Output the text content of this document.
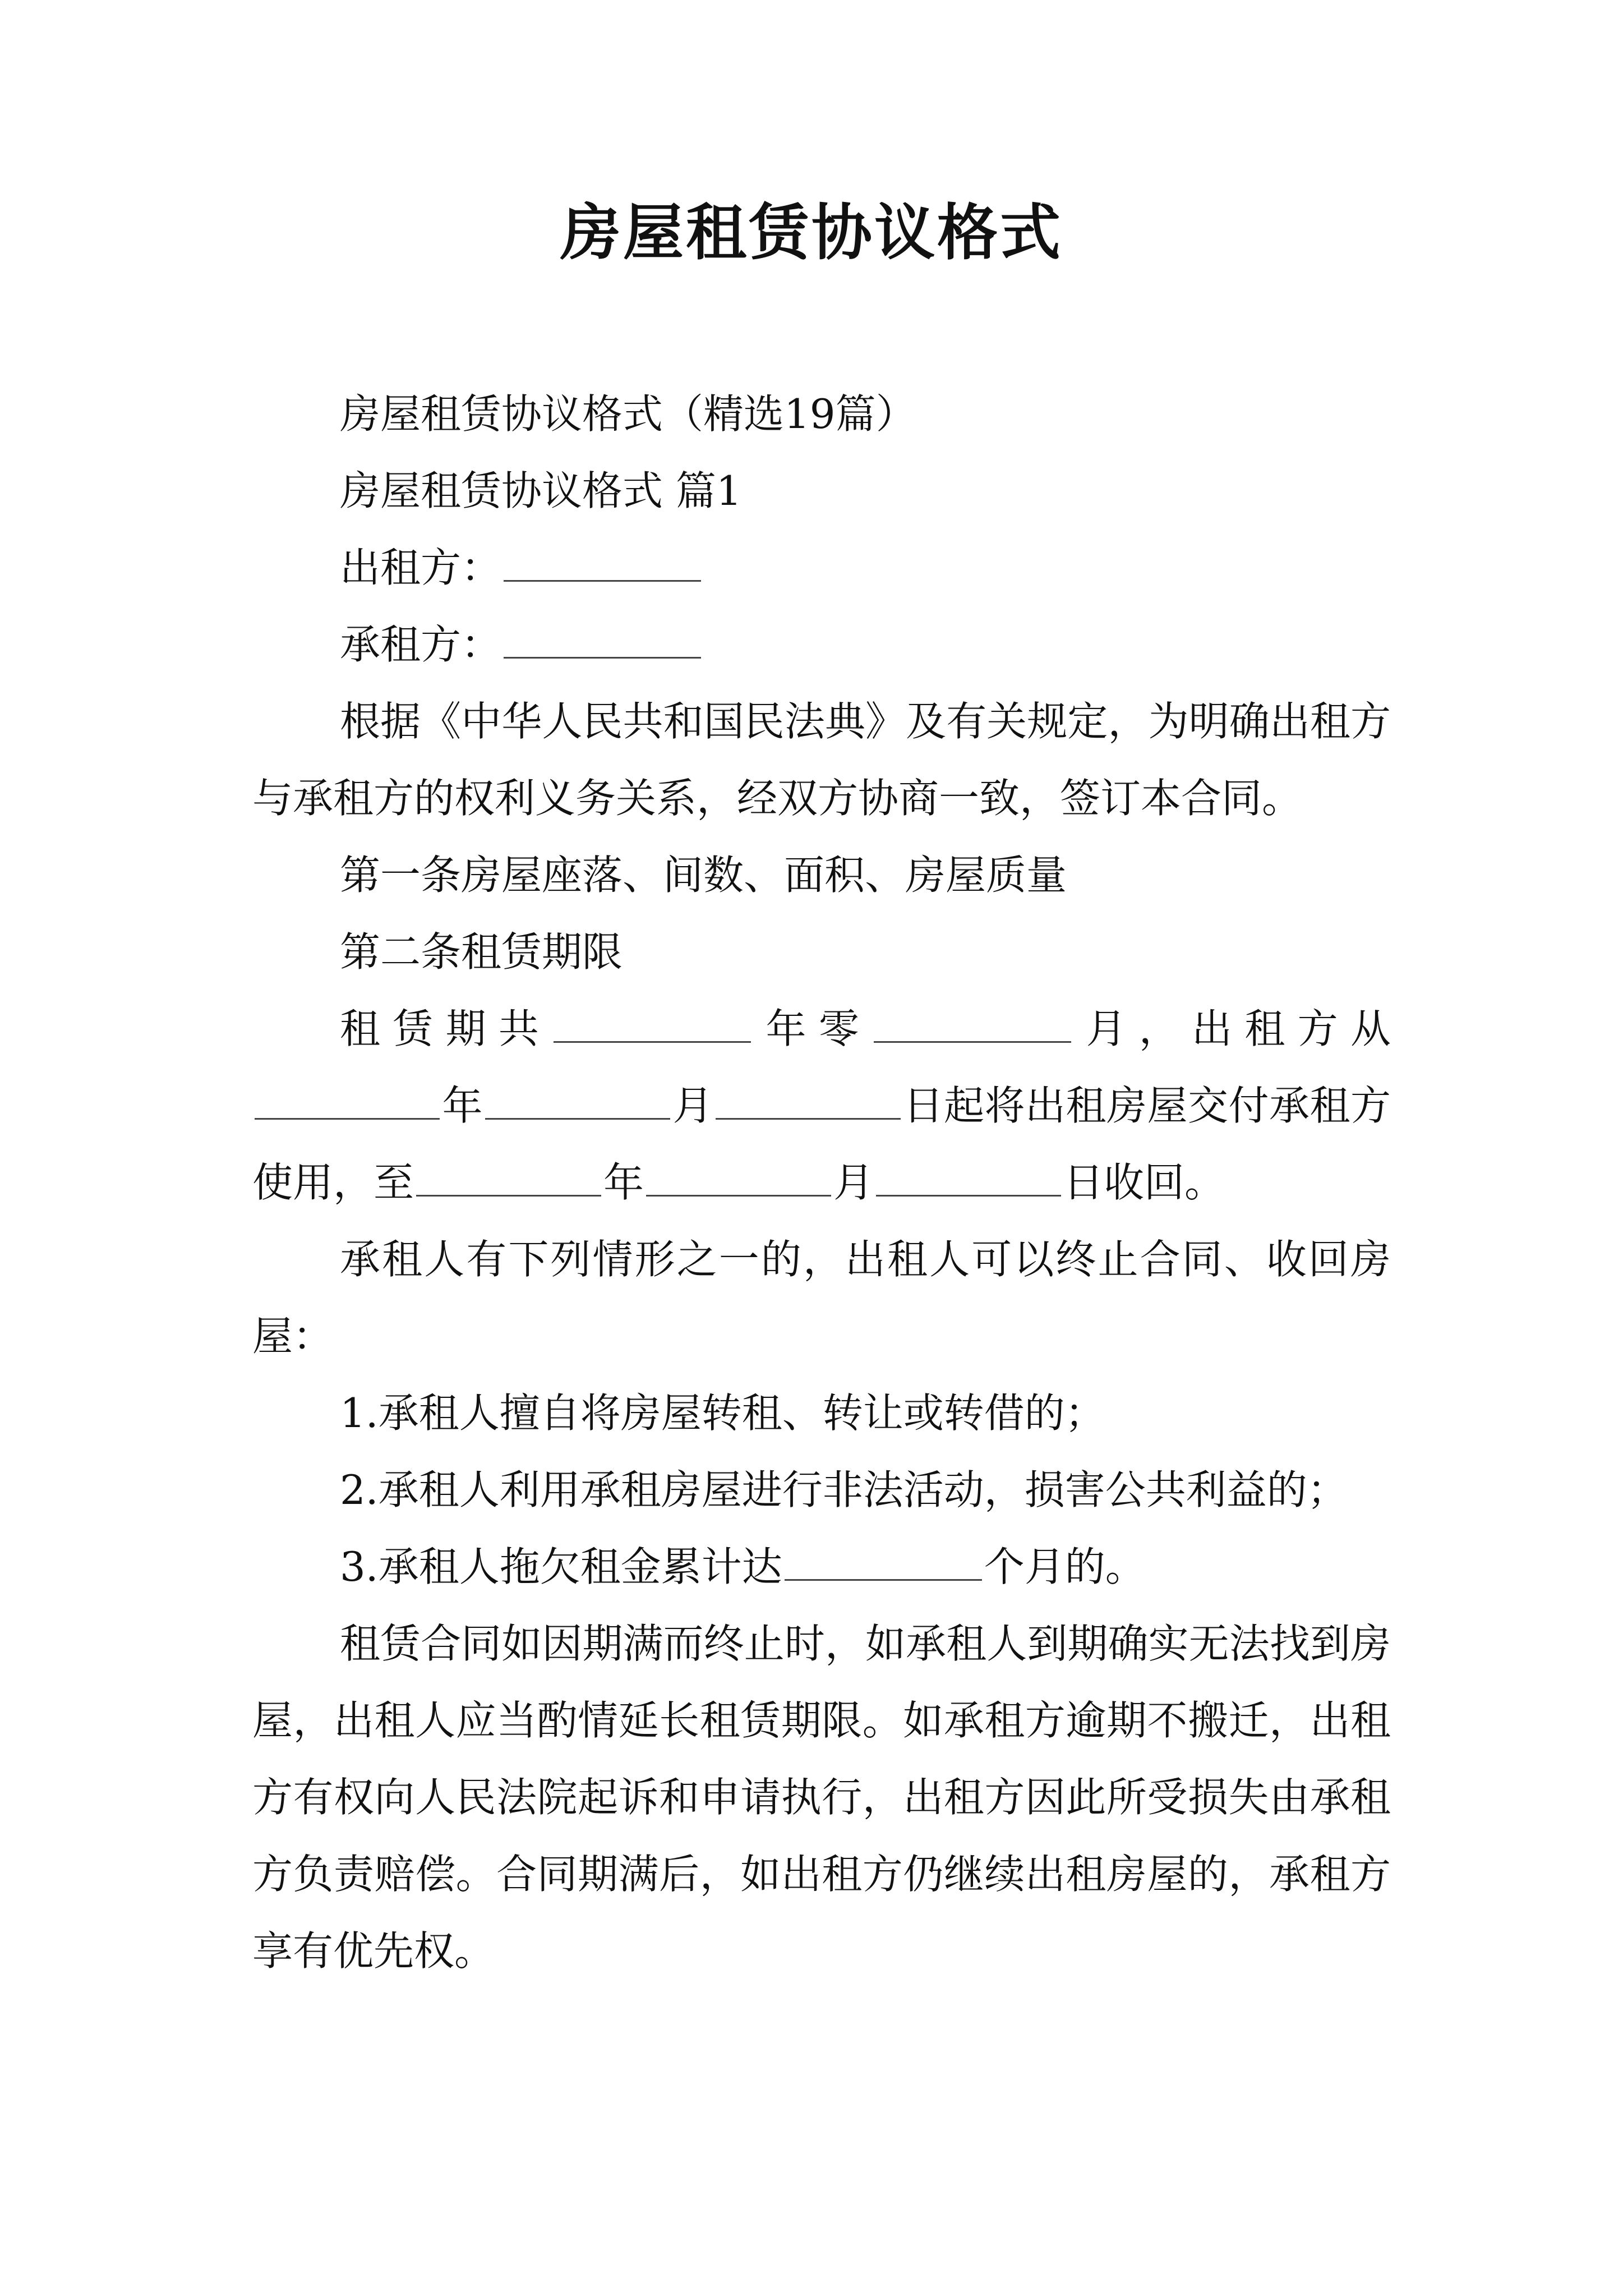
房屋租赁协议格式

房屋租赁协议格式（精选19篇）

房屋租赁协议格式 篇1

出租方：

承租方：

根据《中华人民共和国民法典》及有关规定，为明确出租方与承租方的权利义务关系，经双方协商一致，签订本合同。

第一条房屋座落、间数、面积、房屋质量

第二条租赁期限

租赁期共	年零	月，出租方从年	月	日起将出租房屋交付承租方使用，至	年	月	日收回。

承租人有下列情形之一的，出租人可以终止合同、收回房屋：

1.承租人擅自将房屋转租、转让或转借的；

2.承租人利用承租房屋进行非法活动，损害公共利益的；

3.承租人拖欠租金累计达	个月的。

租赁合同如因期满而终止时，如承租人到期确实无法找到房屋，出租人应当酌情延长租赁期限。如承租方逾期不搬迁，出租方有权向人民法院起诉和申请执行，出租方因此所受损失由承租方负责赔偿。合同期满后，如出租方仍继续出租房屋的，承租方享有优先权。
